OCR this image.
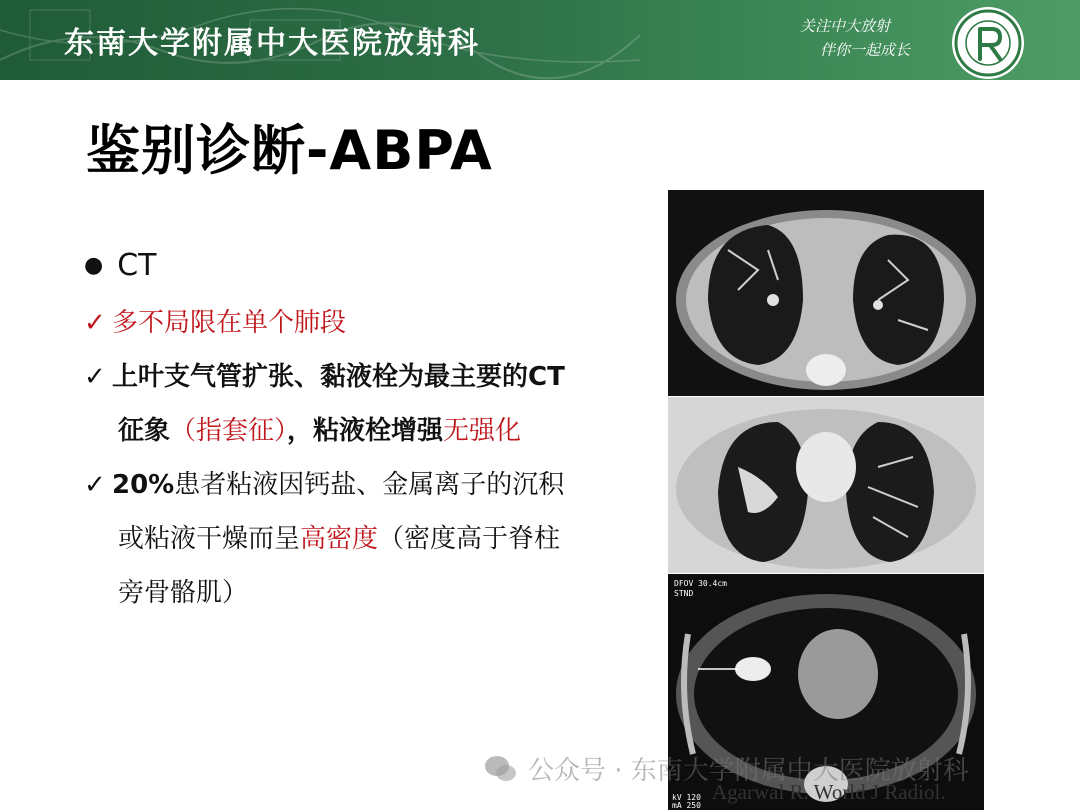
东南大学附属中大医院放射科	关注中大放射
伴你一起成长
鉴别诊断-ABPA
● CT
✓ 多不局限在单个肺段
✓ 上叶支气管扩张、黏液栓为最主要的CT
征象（指套征），粘液栓增强无强化
✓ 20%患者粘液因钙盐、金属离子的沉积
或粘液干燥而呈高密度（密度高于脊柱
旁骨骼肌）	DFOV 30.4cm
STND
kV 120
mA 250
公众号 · 东南大学附属中大医院放射科
Agarwal R. World J Radiol.
